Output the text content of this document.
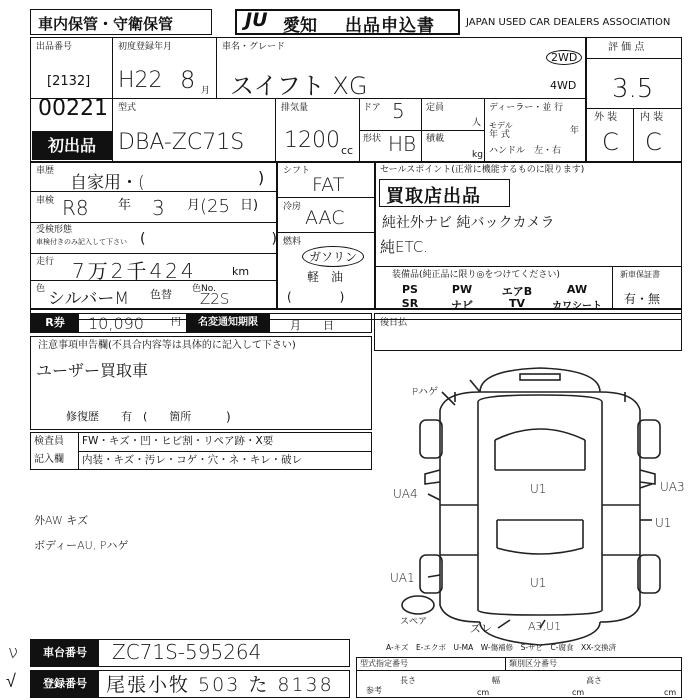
車内保管・守衛保管	JU 愛知 出品申込書	JAPAN USED CAR DEALERS ASSOCIATION
出品番号
[2132]
00221
初出品
初度登録年月
H22 8 月
車名・グレード
スイフト XG
2WD
4WD
評 価 点
3.5
外 装 内 装
C C
型式
DBA-ZC71S
排気量
1200 cc
ドア 5
形状 HB
定員
人
積載
kg
ディーラー・並 行
モデル
年 式	年
ハンドル　左・右
車歴
自家用・(	)
車検 R8 年 3 月 (25 日)
受検形態
車検付きのみ記入して下さい (　　　　　　　　　)
走行 7万2千424	km
色 シルバーM 色替 色No.
Z2S
シフト
FAT
冷房 AAC
燃料
ガソリン
軽　油
(　　　　)
セールスポイント(正常に機能するものに限ります)
買取店出品
純社外ナビ 純バックカメラ
純ETC.
装備品(純正品に限り◎をつけてください)
PS	PW	エアB	AW
SR	ナビ	TV	カワシート
新車保証書
有・無
R券	10,090	円	名変通知期限	月　　日	後日払
注意事項申告欄(不具合内容等は具体的に記入して下さい)
ユーザー買取車
修復歴　　有　(　　箇所	)
検査員
記入欄
FW・キズ・凹・ヒビ割・リペア跡・X要
内装・キズ・汚レ・コゲ・穴・ネ・キレ・破レ
外AW キズ
ボディーAU, Pハゲ
Pハゲ
UA4	U1	UA3
U1
UA1	U1
スペア	ズレ	A3,U1
A-キズ　E-エクボ　U-MA　W-傷補修　S-サビ　C-腐食　XX-交換済
車台番号	ZC71S-595264
登録番号	尾張小牧 503 た 8138
ν
√
型式指定番号	類別区分番号
参考
長さ
cm
幅
cm
高さ
cm
